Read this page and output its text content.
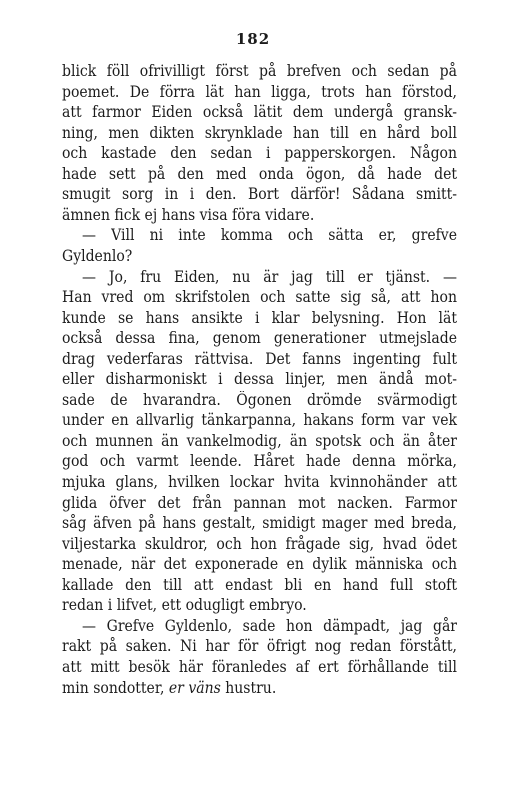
182
blick föll ofrivilligt först på brefven och sedan på
poemet. De förra lät han ligga, trots han förstod,
att farmor Eiden också lätit dem undergå gransk-
ning, men dikten skrynklade han till en hård boll
och kastade den sedan i papperskorgen. Någon
hade sett på den med onda ögon, då hade det
smugit sorg in i den. Bort därför! Sådana smitt-
ämnen fick ej hans visa föra vidare.
— Vill ni inte komma och sätta er, grefve
Gyldenlo?
— Jo, fru Eiden, nu är jag till er tjänst. —
Han vred om skrifstolen och satte sig så, att hon
kunde se hans ansikte i klar belysning. Hon lät
också dessa fina, genom generationer utmejslade
drag vederfaras rättvisa. Det fanns ingenting fult
eller disharmoniskt i dessa linjer, men ändå mot-
sade de hvarandra. Ögonen drömde svärmodigt
under en allvarlig tänkarpanna, hakans form var vek
och munnen än vankelmodig, än spotsk och än åter
god och varmt leende. Håret hade denna mörka,
mjuka glans, hvilken lockar hvita kvinnohänder att
glida öfver det från pannan mot nacken. Farmor
såg äfven på hans gestalt, smidigt mager med breda,
viljestarka skuldror, och hon frågade sig, hvad ödet
menade, när det exponerade en dylik människa och
kallade den till att endast bli en hand full stoft
redan i lifvet, ett odugligt embryo.
— Grefve Gyldenlo, sade hon dämpadt, jag går
rakt på saken. Ni har för öfrigt nog redan förstått,
att mitt besök här föranledes af ert förhållande till
min sondotter, er väns hustru.
